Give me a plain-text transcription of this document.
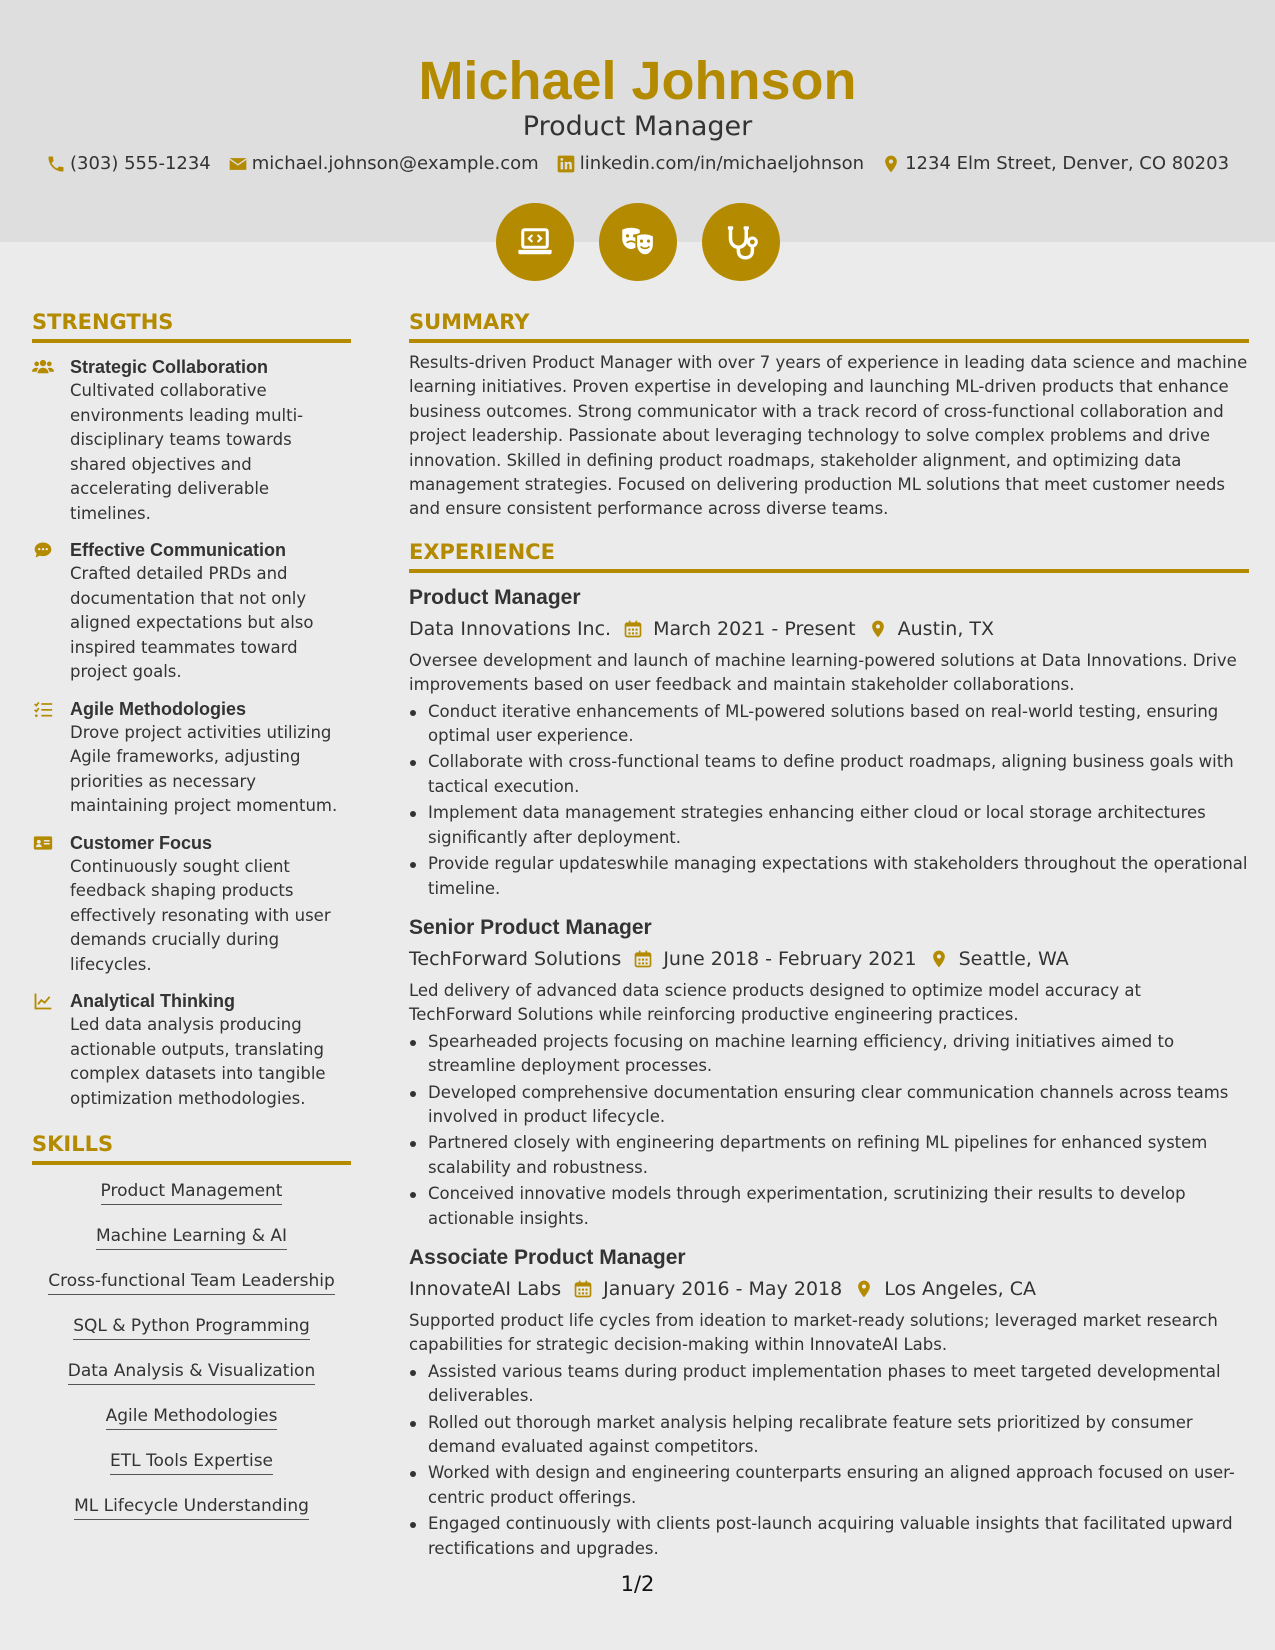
Michael Johnson
Product Manager
(303) 555-1234 michael.johnson@example.com linkedin.com/in/michaeljohnson 1234 Elm Street, Denver, CO 80203
STRENGTHS
Strategic Collaboration
Cultivated collaborative environments leading multi-disciplinary teams towards shared objectives and accelerating deliverable timelines.
Effective Communication
Crafted detailed PRDs and documentation that not only aligned expectations but also inspired teammates toward project goals.
Agile Methodologies
Drove project activities utilizing Agile frameworks, adjusting priorities as necessary maintaining project momentum.
Customer Focus
Continuously sought client feedback shaping products effectively resonating with user demands crucially during lifecycles.
Analytical Thinking
Led data analysis producing actionable outputs, translating complex datasets into tangible optimization methodologies.
SKILLS
Product Management
Machine Learning & AI
Cross-functional Team Leadership
SQL & Python Programming
Data Analysis & Visualization
Agile Methodologies
ETL Tools Expertise
ML Lifecycle Understanding
SUMMARY
Results-driven Product Manager with over 7 years of experience in leading data science and machine learning initiatives. Proven expertise in developing and launching ML-driven products that enhance business outcomes. Strong communicator with a track record of cross-functional collaboration and project leadership. Passionate about leveraging technology to solve complex problems and drive innovation. Skilled in defining product roadmaps, stakeholder alignment, and optimizing data management strategies. Focused on delivering production ML solutions that meet customer needs and ensure consistent performance across diverse teams.
EXPERIENCE
Product Manager
Data Innovations Inc. March 2021 - Present Austin, TX
Oversee development and launch of machine learning-powered solutions at Data Innovations. Drive improvements based on user feedback and maintain stakeholder collaborations.
Conduct iterative enhancements of ML-powered solutions based on real-world testing, ensuring optimal user experience.
Collaborate with cross-functional teams to define product roadmaps, aligning business goals with tactical execution.
Implement data management strategies enhancing either cloud or local storage architectures significantly after deployment.
Provide regular updateswhile managing expectations with stakeholders throughout the operational timeline.
Senior Product Manager
TechForward Solutions June 2018 - February 2021 Seattle, WA
Led delivery of advanced data science products designed to optimize model accuracy at TechForward Solutions while reinforcing productive engineering practices.
Spearheaded projects focusing on machine learning efficiency, driving initiatives aimed to streamline deployment processes.
Developed comprehensive documentation ensuring clear communication channels across teams involved in product lifecycle.
Partnered closely with engineering departments on refining ML pipelines for enhanced system scalability and robustness.
Conceived innovative models through experimentation, scrutinizing their results to develop actionable insights.
Associate Product Manager
InnovateAI Labs January 2016 - May 2018 Los Angeles, CA
Supported product life cycles from ideation to market-ready solutions; leveraged market research capabilities for strategic decision-making within InnovateAI Labs.
Assisted various teams during product implementation phases to meet targeted developmental deliverables.
Rolled out thorough market analysis helping recalibrate feature sets prioritized by consumer demand evaluated against competitors.
Worked with design and engineering counterparts ensuring an aligned approach focused on user-centric product offerings.
Engaged continuously with clients post-launch acquiring valuable insights that facilitated upward rectifications and upgrades.
1/2
